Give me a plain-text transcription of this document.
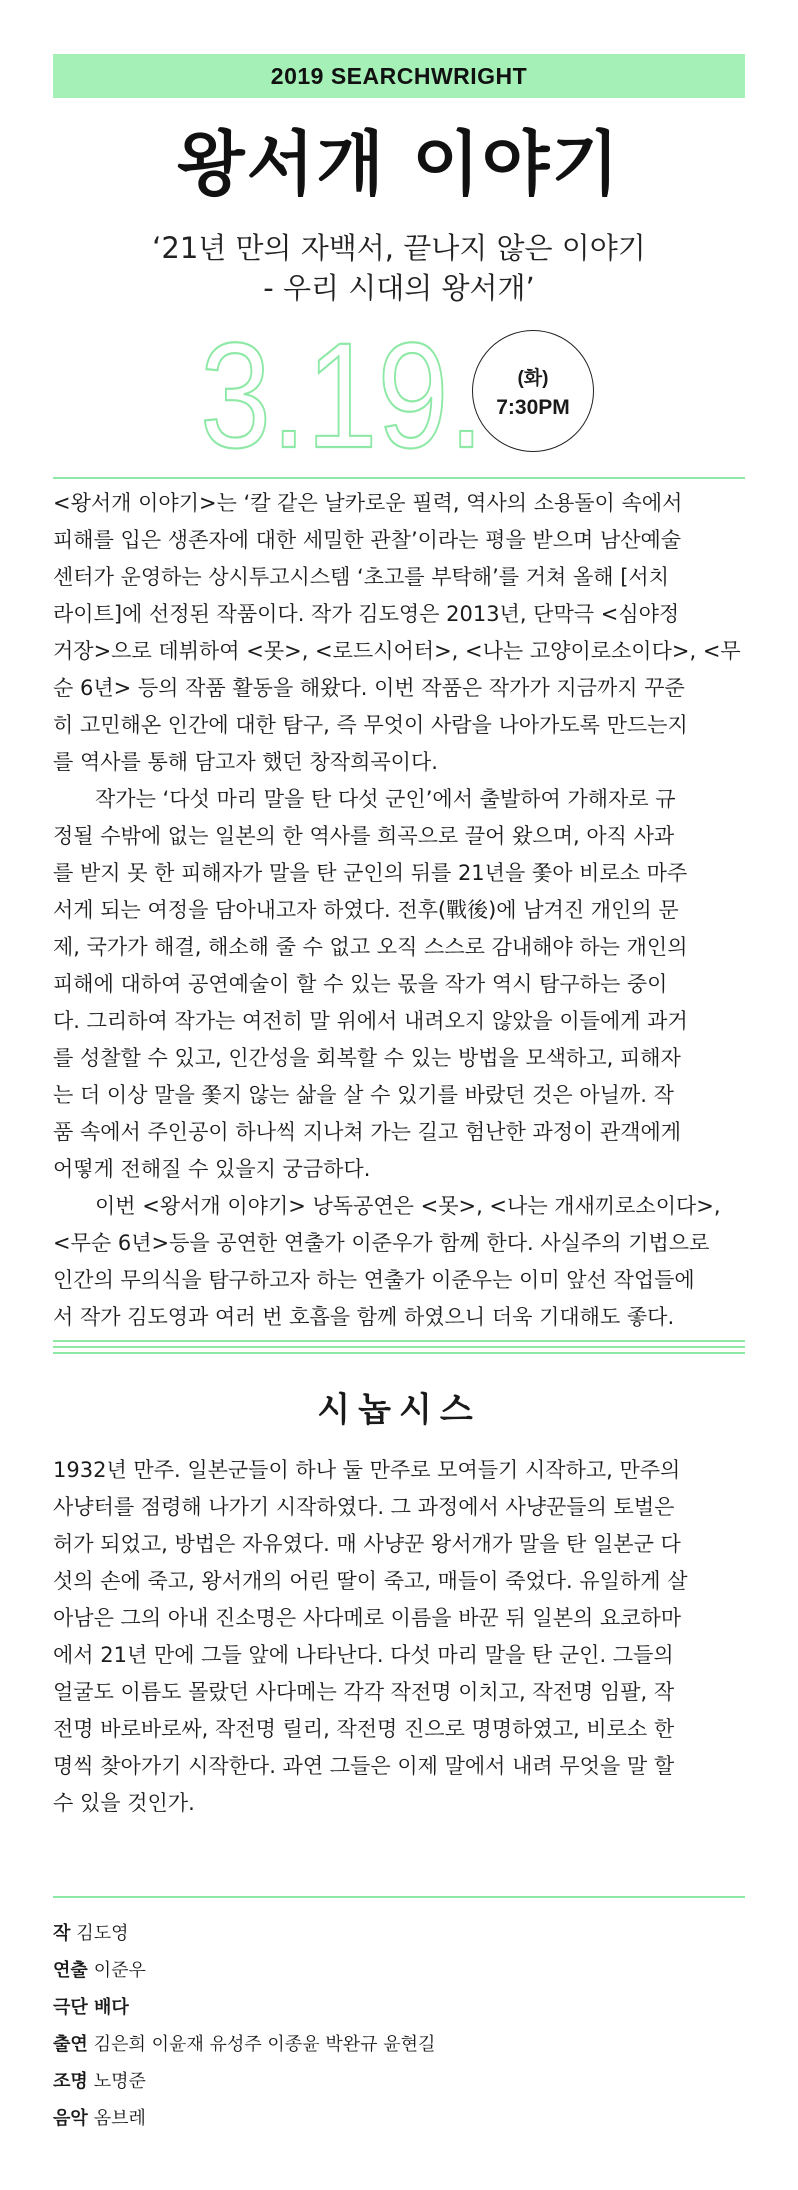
2019 SEARCHWRIGHT
왕서개 이야기
‘21년 만의 자백서, 끝나지 않은 이야기
- 우리 시대의 왕서개’
3.19.	(화)
7:30PM

<왕서개 이야기>는 ‘칼 같은 날카로운 필력, 역사의 소용돌이 속에서
피해를 입은 생존자에 대한 세밀한 관찰’이라는 평을 받으며 남산예술
센터가 운영하는 상시투고시스템 ‘초고를 부탁해’를 거쳐 올해 [서치
라이트]에 선정된 작품이다. 작가 김도영은 2013년, 단막극 <심야정
거장>으로 데뷔하여 <못>, <로드시어터>, <나는 고양이로소이다>, <무
순 6년> 등의 작품 활동을 해왔다. 이번 작품은 작가가 지금까지 꾸준
히 고민해온 인간에 대한 탐구, 즉 무엇이 사람을 나아가도록 만드는지
를 역사를 통해 담고자 했던 창작희곡이다.

작가는 ‘다섯 마리 말을 탄 다섯 군인’에서 출발하여 가해자로 규
정될 수밖에 없는 일본의 한 역사를 희곡으로 끌어 왔으며, 아직 사과
를 받지 못 한 피해자가 말을 탄 군인의 뒤를 21년을 쫓아 비로소 마주
서게 되는 여정을 담아내고자 하였다. 전후(戰後)에 남겨진 개인의 문
제, 국가가 해결, 해소해 줄 수 없고 오직 스스로 감내해야 하는 개인의
피해에 대하여 공연예술이 할 수 있는 몫을 작가 역시 탐구하는 중이
다. 그리하여 작가는 여전히 말 위에서 내려오지 않았을 이들에게 과거
를 성찰할 수 있고, 인간성을 회복할 수 있는 방법을 모색하고, 피해자
는 더 이상 말을 쫓지 않는 삶을 살 수 있기를 바랐던 것은 아닐까. 작
품 속에서 주인공이 하나씩 지나쳐 가는 길고 험난한 과정이 관객에게
어떻게 전해질 수 있을지 궁금하다.

이번 <왕서개 이야기> 낭독공연은 <못>, <나는 개새끼로소이다>,
<무순 6년>등을 공연한 연출가 이준우가 함께 한다. 사실주의 기법으로
인간의 무의식을 탐구하고자 하는 연출가 이준우는 이미 앞선 작업들에
서 작가 김도영과 여러 번 호흡을 함께 하였으니 더욱 기대해도 좋다.

시놉시스
1932년 만주. 일본군들이 하나 둘 만주로 모여들기 시작하고, 만주의
사냥터를 점령해 나가기 시작하였다. 그 과정에서 사냥꾼들의 토벌은
허가 되었고, 방법은 자유였다. 매 사냥꾼 왕서개가 말을 탄 일본군 다
섯의 손에 죽고, 왕서개의 어린 딸이 죽고, 매들이 죽었다. 유일하게 살
아남은 그의 아내 진소명은 사다메로 이름을 바꾼 뒤 일본의 요코하마
에서 21년 만에 그들 앞에 나타난다. 다섯 마리 말을 탄 군인. 그들의
얼굴도 이름도 몰랐던 사다메는 각각 작전명 이치고, 작전명 임팔, 작
전명 바로바로싸, 작전명 릴리, 작전명 진으로 명명하였고, 비로소 한
명씩 찾아가기 시작한다. 과연 그들은 이제 말에서 내려 무엇을 말 할
수 있을 것인가.
작 김도영
연출 이준우
극단 배다
출연 김은희 이윤재 유성주 이종윤 박완규 윤현길
조명 노명준
음악 옴브레
